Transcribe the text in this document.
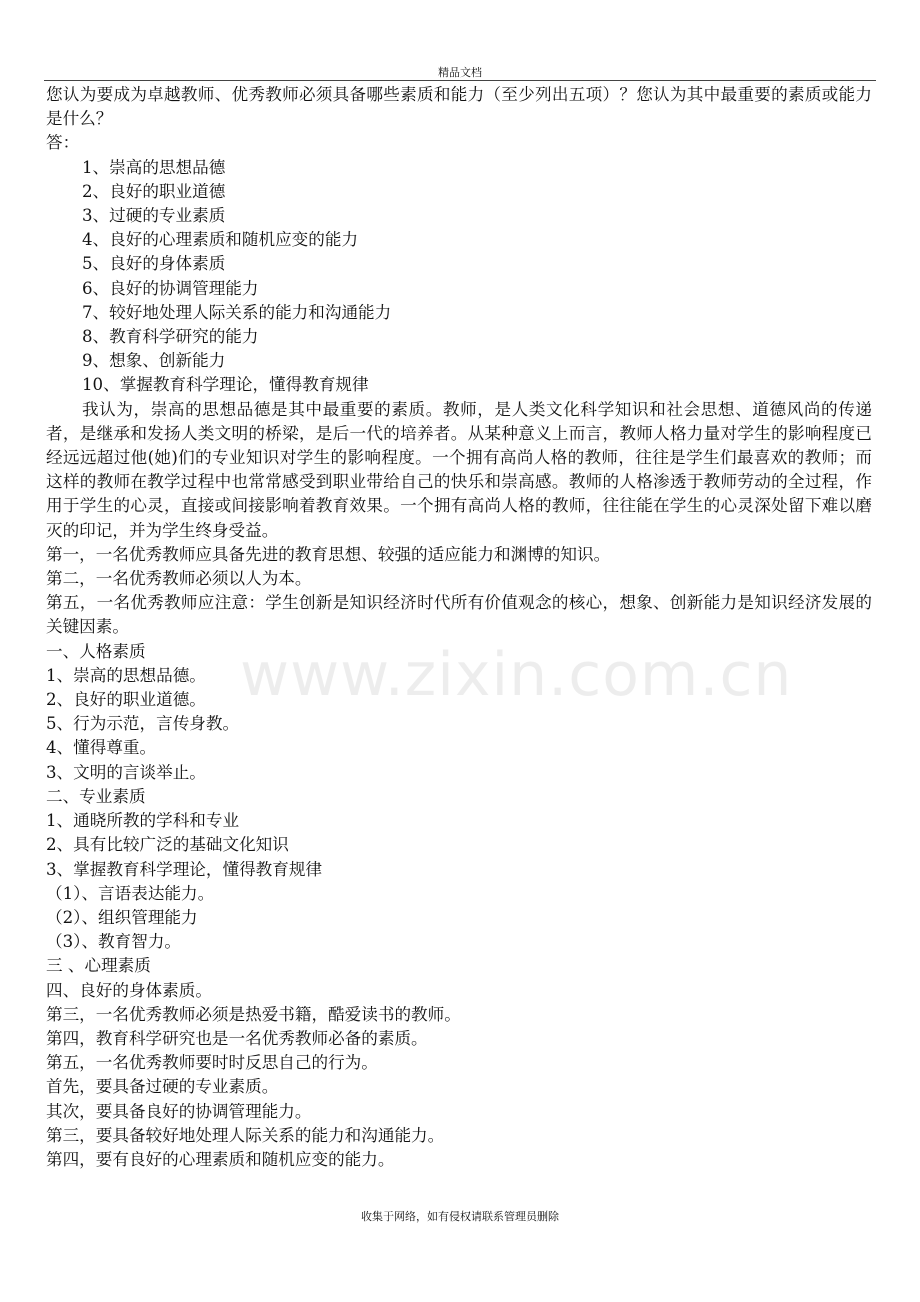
精品文档

您认为要成为卓越教师、优秀教师必须具备哪些素质和能力（至少列出五项）？您认为其中最重要的素质或能力是什么？

答：

1、崇高的思想品德

2、良好的职业道德

3、过硬的专业素质

4、良好的心理素质和随机应变的能力

5、良好的身体素质

6、良好的协调管理能力

7、较好地处理人际关系的能力和沟通能力

8、教育科学研究的能力

9、想象、创新能力

10、掌握教育科学理论，懂得教育规律

我认为，崇高的思想品德是其中最重要的素质。教师，是人类文化科学知识和社会思想、道德风尚的传递者，是继承和发扬人类文明的桥梁，是后一代的培养者。从某种意义上而言，教师人格力量对学生的影响程度已经远远超过他(她)们的专业知识对学生的影响程度。一个拥有高尚人格的教师，往往是学生们最喜欢的教师；而这样的教师在教学过程中也常常感受到职业带给自己的快乐和崇高感。教师的人格渗透于教师劳动的全过程，作用于学生的心灵，直接或间接影响着教育效果。一个拥有高尚人格的教师，往往能在学生的心灵深处留下难以磨灭的印记，并为学生终身受益。

第一，一名优秀教师应具备先进的教育思想、较强的适应能力和渊博的知识。

第二，一名优秀教师必须以人为本。

第五，一名优秀教师应注意：学生创新是知识经济时代所有价值观念的核心，想象、创新能力是知识经济发展的关键因素。

一、人格素质

1、崇高的思想品德。

2、良好的职业道德。

5、行为示范，言传身教。

4、懂得尊重。

3、文明的言谈举止。

二、专业素质

1、通晓所教的学科和专业

2、具有比较广泛的基础文化知识

3、掌握教育科学理论，懂得教育规律

（1）、言语表达能力。

（2）、组织管理能力

（3）、教育智力。

三 、心理素质

四、良好的身体素质。

第三，一名优秀教师必须是热爱书籍，酷爱读书的教师。

第四，教育科学研究也是一名优秀教师必备的素质。

第五，一名优秀教师要时时反思自己的行为。

首先，要具备过硬的专业素质。

其次，要具备良好的协调管理能力。

第三，要具备较好地处理人际关系的能力和沟通能力。

第四，要有良好的心理素质和随机应变的能力。

www.zixin.com.cn
收集于网络，如有侵权请联系管理员删除
